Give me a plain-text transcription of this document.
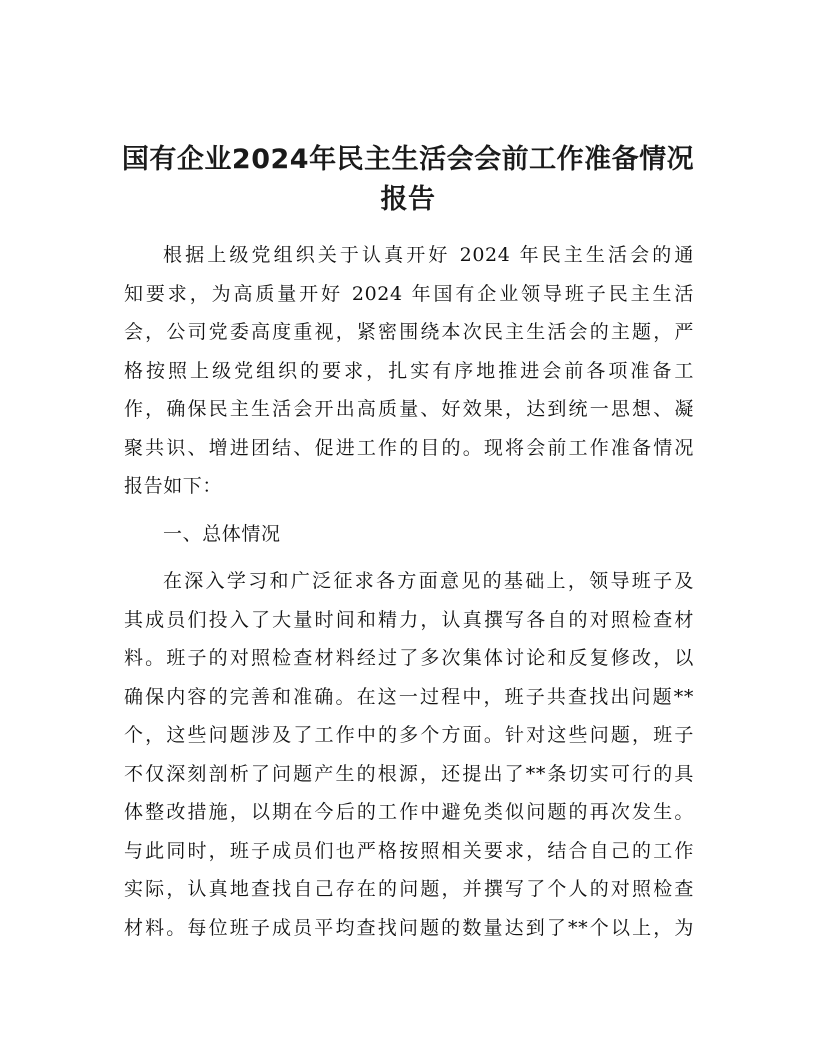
国有企业2024年民主生活会会前工作准备情况
报告
根据上级党组织关于认真开好 2024 年民主生活会的通
知要求，为高质量开好 2024 年国有企业领导班子民主生活
会，公司党委高度重视，紧密围绕本次民主生活会的主题，严
格按照上级党组织的要求，扎实有序地推进会前各项准备工
作，确保民主生活会开出高质量、好效果，达到统一思想、凝
聚共识、增进团结、促进工作的目的。现将会前工作准备情况
报告如下：
一、总体情况
在深入学习和广泛征求各方面意见的基础上，领导班子及
其成员们投入了大量时间和精力，认真撰写各自的对照检查材
料。班子的对照检查材料经过了多次集体讨论和反复修改，以
确保内容的完善和准确。在这一过程中，班子共查找出问题**
个，这些问题涉及了工作中的多个方面。针对这些问题，班子
不仅深刻剖析了问题产生的根源，还提出了**条切实可行的具
体整改措施，以期在今后的工作中避免类似问题的再次发生。
与此同时，班子成员们也严格按照相关要求，结合自己的工作
实际，认真地查找自己存在的问题，并撰写了个人的对照检查
材料。每位班子成员平均查找问题的数量达到了**个以上，为
